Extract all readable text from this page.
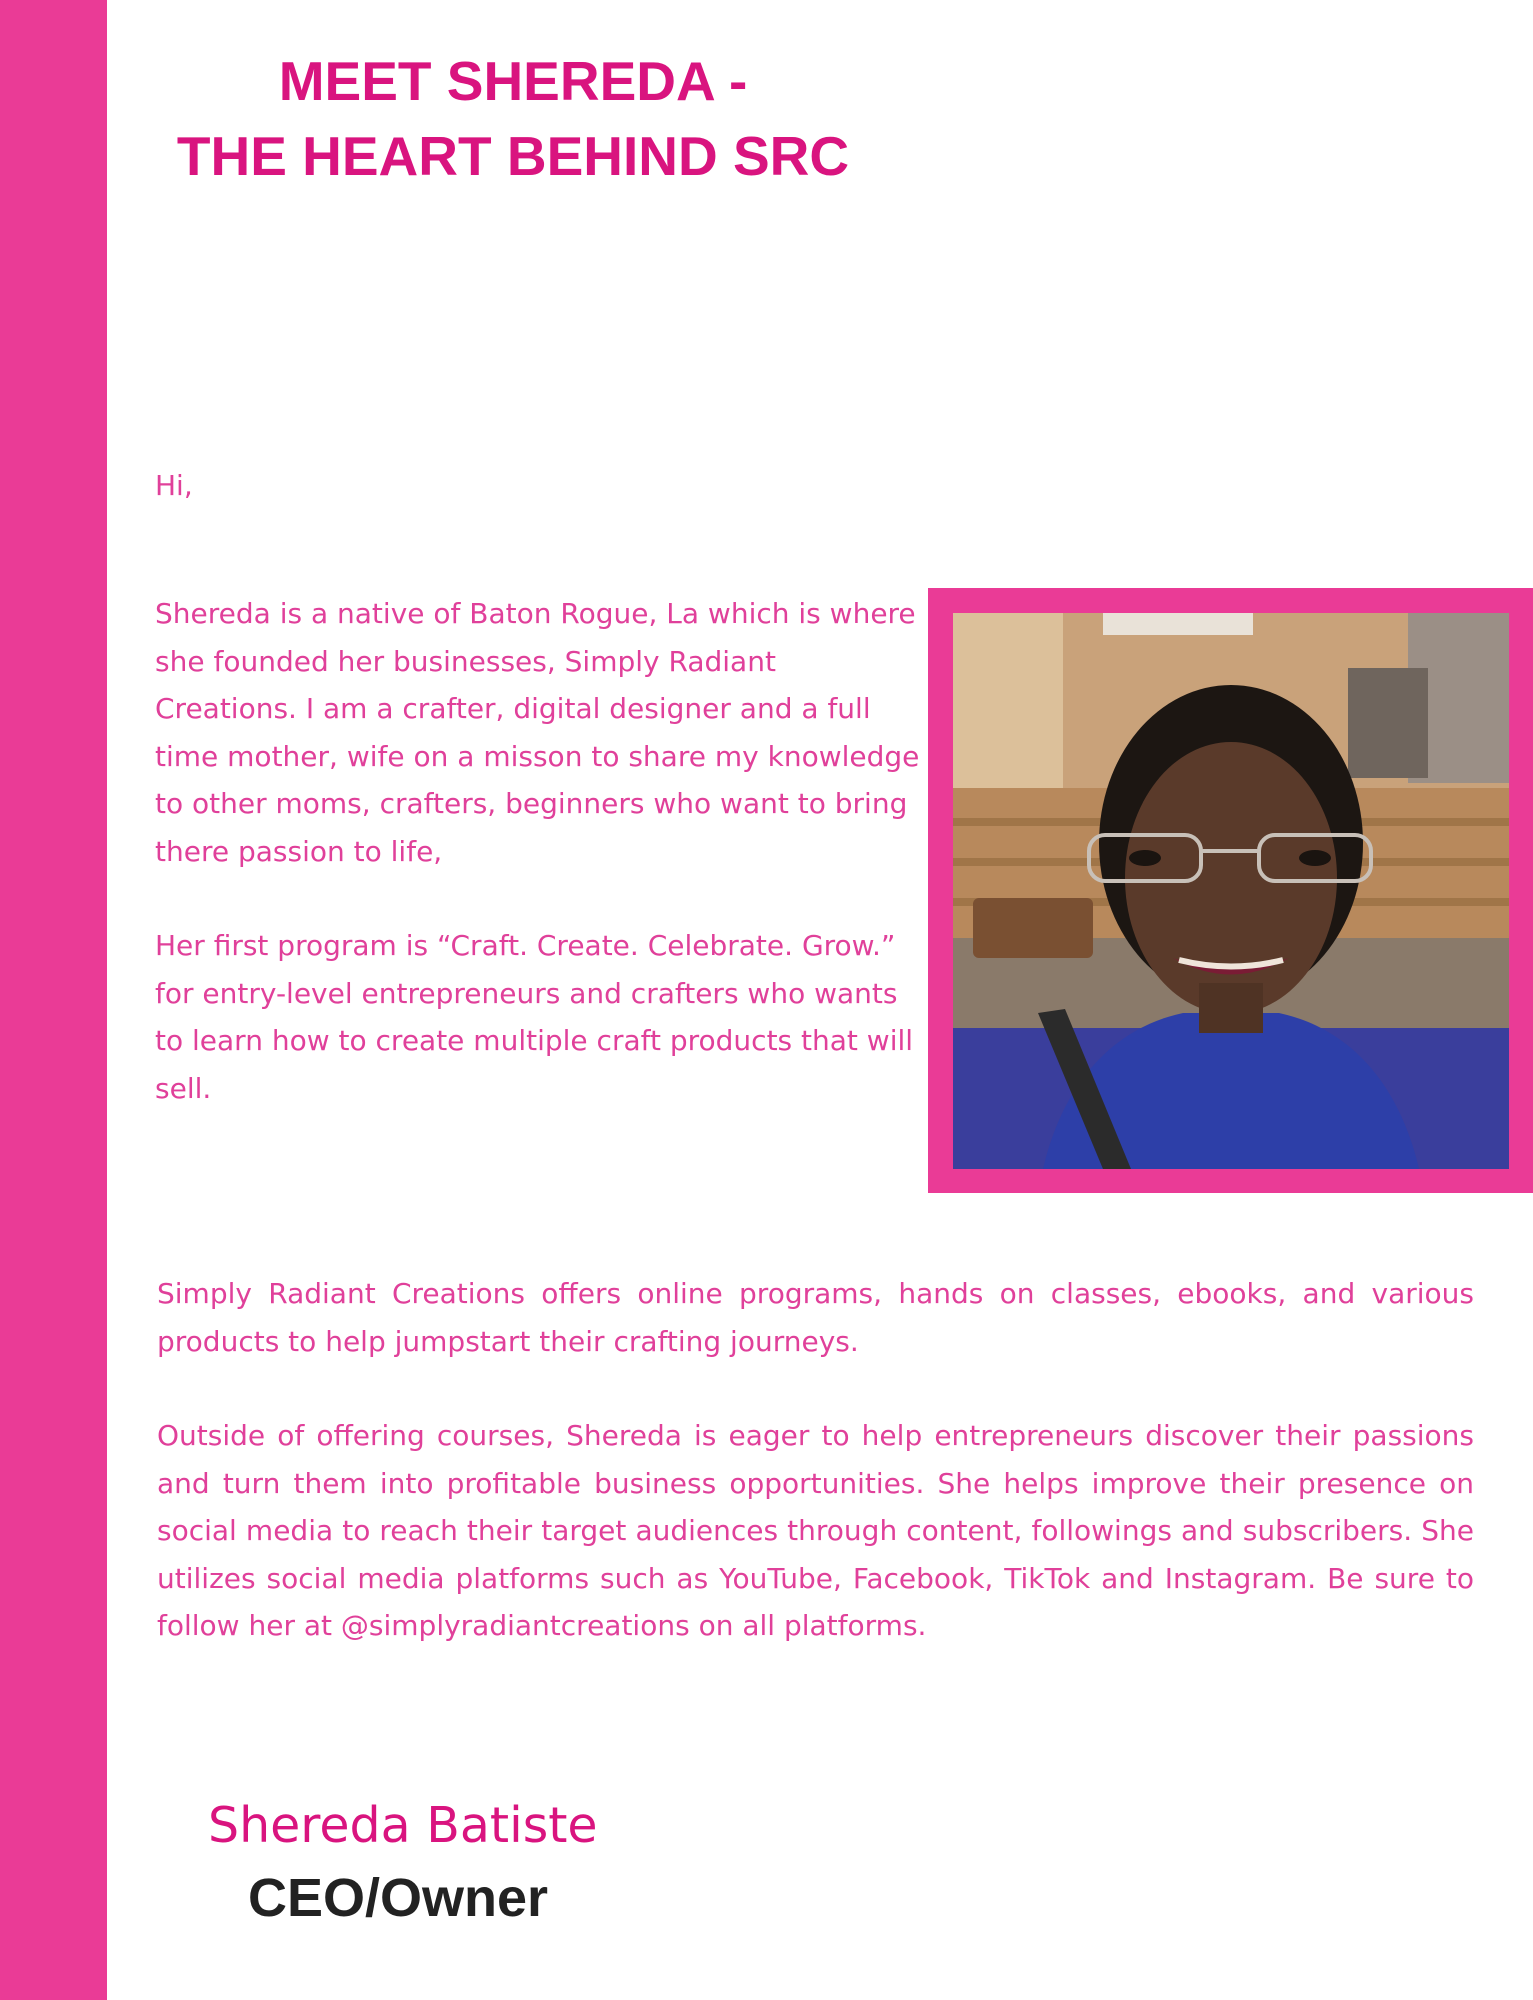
MEET SHEREDA -
THE HEART BEHIND SRC

Hi,

Shereda is a native of Baton Rogue, La which is where she founded her businesses, Simply Radiant Creations. I am a crafter, digital designer and a full time mother, wife on a misson to share my knowledge to other moms, crafters, beginners who want to bring there passion to life,

Her first program is “Craft. Create. Celebrate. Grow.” for entry-level entrepreneurs and crafters who wants to learn how to create multiple craft products that will sell.

Simply Radiant Creations offers online programs, hands on classes, ebooks, and various products to help jumpstart their crafting journeys.

Outside of offering courses, Shereda is eager to help entrepreneurs discover their passions and turn them into profitable business opportunities. She helps improve their presence on social media to reach their target audiences through content, followings and subscribers. She utilizes social media platforms such as YouTube, Facebook, TikTok and Instagram. Be sure to follow her at @simplyradiantcreations on all platforms.

Shereda Batiste

CEO/Owner
